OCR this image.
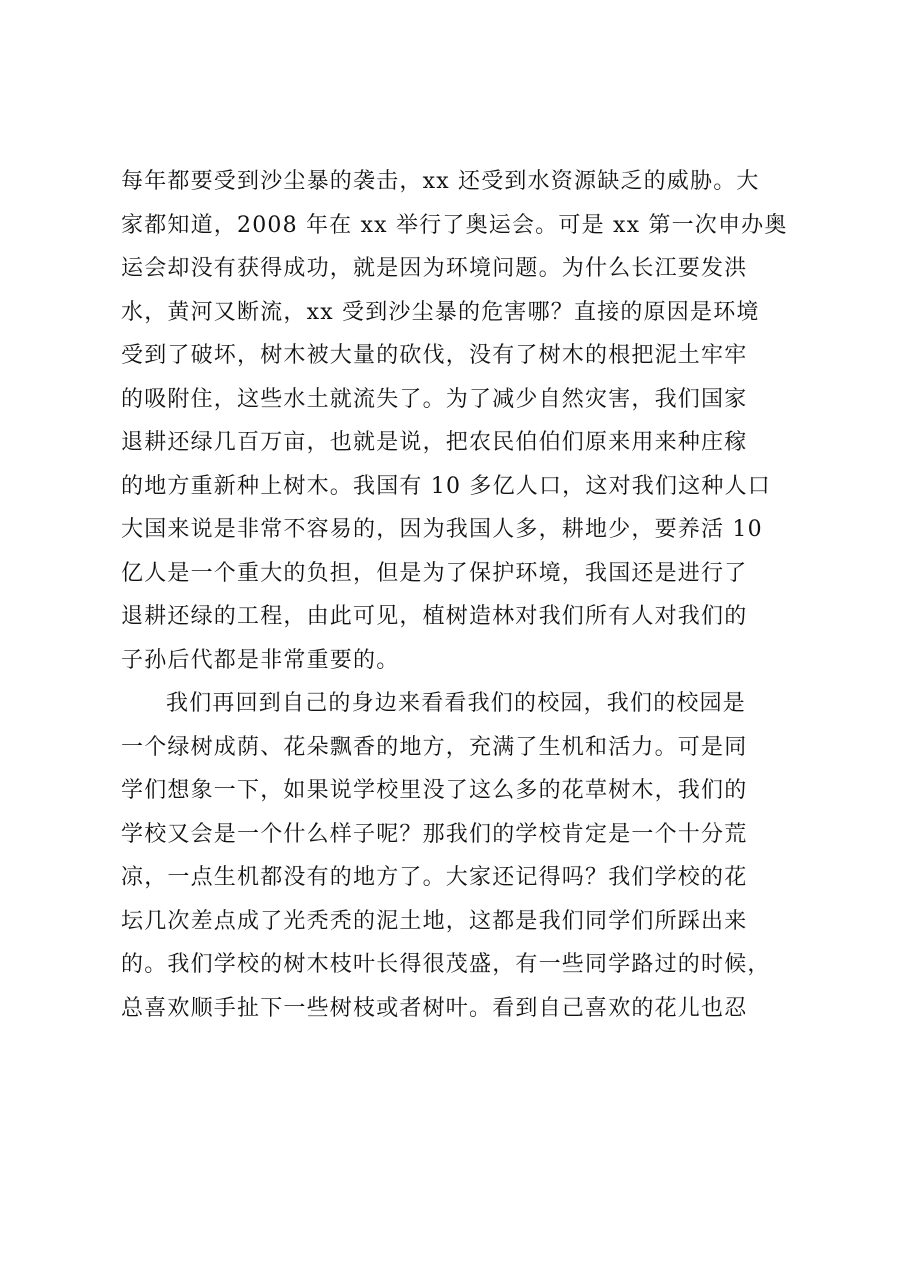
每年都要受到沙尘暴的袭击，xx 还受到水资源缺乏的威胁。大
家都知道，2008 年在 xx 举行了奥运会。可是 xx 第一次申办奥
运会却没有获得成功，就是因为环境问题。为什么长江要发洪
水，黄河又断流，xx 受到沙尘暴的危害哪？直接的原因是环境
受到了破坏，树木被大量的砍伐，没有了树木的根把泥土牢牢
的吸附住，这些水土就流失了。为了减少自然灾害，我们国家
退耕还绿几百万亩，也就是说，把农民伯伯们原来用来种庄稼
的地方重新种上树木。我国有 10 多亿人口，这对我们这种人口
大国来说是非常不容易的，因为我国人多，耕地少，要养活 10
亿人是一个重大的负担，但是为了保护环境，我国还是进行了
退耕还绿的工程，由此可见，植树造林对我们所有人对我们的
子孙后代都是非常重要的。
我们再回到自己的身边来看看我们的校园，我们的校园是
一个绿树成荫、花朵飘香的地方，充满了生机和活力。可是同
学们想象一下，如果说学校里没了这么多的花草树木，我们的
学校又会是一个什么样子呢？那我们的学校肯定是一个十分荒
凉，一点生机都没有的地方了。大家还记得吗？我们学校的花
坛几次差点成了光秃秃的泥土地，这都是我们同学们所踩出来
的。我们学校的树木枝叶长得很茂盛，有一些同学路过的时候，
总喜欢顺手扯下一些树枝或者树叶。看到自己喜欢的花儿也忍
